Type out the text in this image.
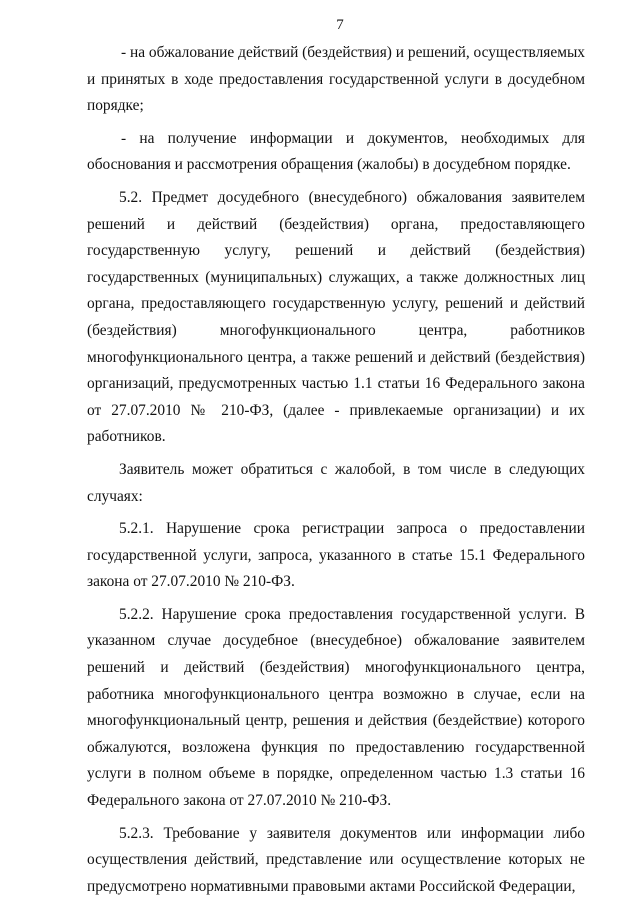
7

- на обжалование действий (бездействия) и решений, осуществляемых и принятых в ходе предоставления государственной услуги в досудебном порядке;

- на получение информации и документов, необходимых для обоснования и рассмотрения обращения (жалобы) в досудебном порядке.

5.2. Предмет досудебного (внесудебного) обжалования заявителем решений и действий (бездействия) органа, предоставляющего государственную услугу, решений и действий (бездействия) государственных (муниципальных) служащих, а также должностных лиц органа, предоставляющего государственную услугу, решений и действий (бездействия) многофункционального центра, работников многофункционального центра, а также решений и действий (бездействия) организаций, предусмотренных частью 1.1 статьи 16 Федерального закона от 27.07.2010 № 210-ФЗ, (далее - привлекаемые организации) и их работников.

Заявитель может обратиться с жалобой, в том числе в следующих случаях:

5.2.1. Нарушение срока регистрации запроса о предоставлении государственной услуги, запроса, указанного в статье 15.1 Федерального закона от 27.07.2010 № 210-ФЗ.

5.2.2. Нарушение срока предоставления государственной услуги. В указанном случае досудебное (внесудебное) обжалование заявителем решений и действий (бездействия) многофункционального центра, работника многофункционального центра возможно в случае, если на многофункциональный центр, решения и действия (бездействие) которого обжалуются, возложена функция по предоставлению государственной услуги в полном объеме в порядке, определенном частью 1.3 статьи 16 Федерального закона от 27.07.2010 № 210-ФЗ.

5.2.3. Требование у заявителя документов или информации либо осуществления действий, представление или осуществление которых не предусмотрено нормативными правовыми актами Российской Федерации,
